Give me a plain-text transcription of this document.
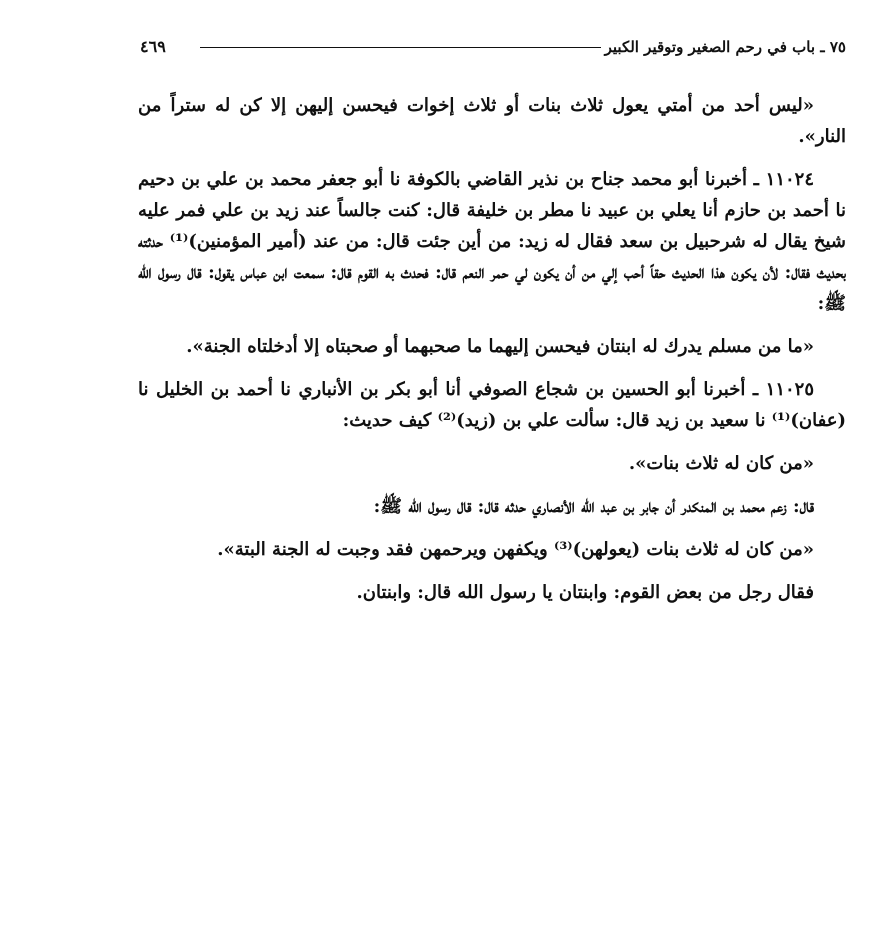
٧٥ ـ باب في رحم الصغير وتوقير الكبير
٤٦٩

«ليس أحد من أمتي يعول ثلاث بنات أو ثلاث إخوات فيحسن إليهن إلا كن له ستراً من النار».

١١٠٢٤ ـ أخبرنا أبو محمد جناح بن نذير القاضي بالكوفة نا أبو جعفر محمد بن علي بن دحيم نا أحمد بن حازم أنا يعلي بن عبيد نا مطر بن خليفة قال: كنت جالساً عند زيد بن علي فمر عليه شيخ يقال له شرحبيل بن سعد فقال له زيد: من أين جئت قال: من عند (أمير المؤمنين)⁽¹⁾ حدثته بحديث فقال: لأن يكون هذا الحديث حقاً أحب إلي من أن يكون لي حمر النعم قال: فحدث به القوم قال: سمعت ابن عباس يقول: قال رسول الله ﷺ:

«ما من مسلم يدرك له ابنتان فيحسن إليهما ما صحبهما أو صحبتاه إلا أدخلتاه الجنة».

١١٠٢٥ ـ أخبرنا أبو الحسين بن شجاع الصوفي أنا أبو بكر بن الأنباري نا أحمد بن الخليل نا (عفان)⁽¹⁾ نا سعيد بن زيد قال: سألت علي بن (زيد)⁽²⁾ كيف حديث:

«من كان له ثلاث بنات».

قال: زعم محمد بن المنكدر أن جابر بن عبد الله الأنصاري حدثه قال: قال رسول الله ﷺ:

«من كان له ثلاث بنات (يعولهن)⁽³⁾ ويكفهن ويرحمهن فقد وجبت له الجنة البتة».

فقال رجل من بعض القوم: وابنتان يا رسول الله قال: وابنتان.
